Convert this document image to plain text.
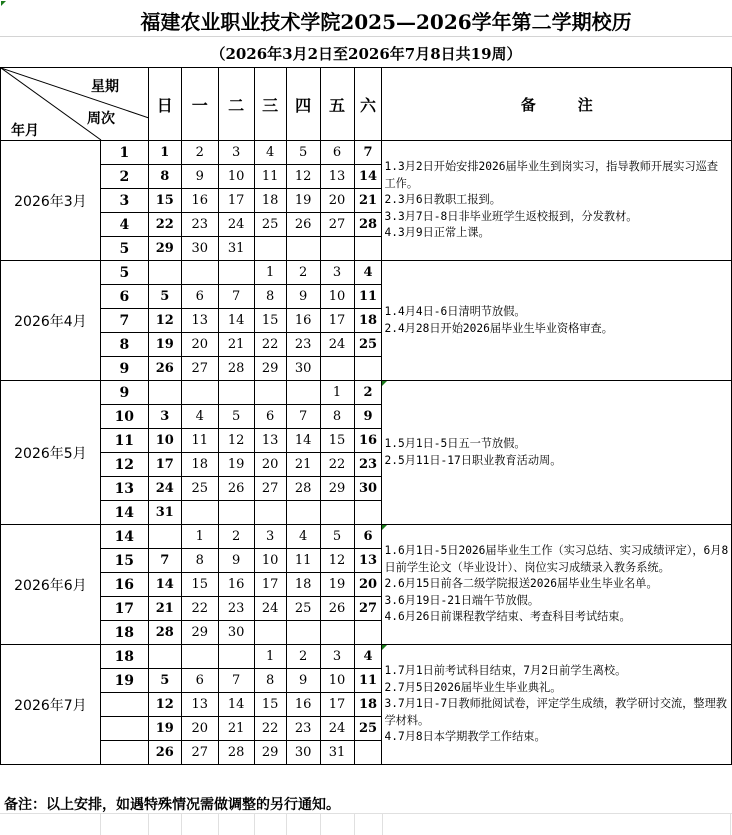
福建农业职业技术学院2025—2026学年第二学期校历
（2026年3月2日至2026年7月8日共19周）
星期
周次
年月		日	一	二	三	四	五	六	备注
2026年3月	1	1	2	3	4	5	6	7	1.3月2日开始安排2026届毕业生到岗实习，指导教师开展实习巡查工作。
2.3月6日教职工报到。
3.3月7日-8日非毕业班学生返校报到，分发教材。
4.3月9日正常上课。

	2	8	9	10	11	12	13	14	
	3	15	16	17	18	19	20	21	
	4	22	23	24	25	26	27	28	
	5	29	30	31					
2026年4月	5				1	2	3	4	1.4月4日-6日清明节放假。
2.4月28日开始2026届毕业生毕业资格审查。

	6	5	6	7	8	9	10	11	
	7	12	13	14	15	16	17	18	
	8	19	20	21	22	23	24	25	
	9	26	27	28	29	30			
2026年5月	9						1	2	1.5月1日-5日五一节放假。
2.5月11日-17日职业教育活动周。

	10	3	4	5	6	7	8	9	
	11	10	11	12	13	14	15	16	
	12	17	18	19	20	21	22	23	
	13	24	25	26	27	28	29	30	
	14	31							
2026年6月	14		1	2	3	4	5	6	1.6月1日-5日2026届毕业生工作（实习总结、实习成绩评定），6月8日前学生论文（毕业设计）、岗位实习成绩录入教务系统。
2.6月15日前各二级学院报送2026届毕业生毕业名单。
3.6月19日-21日端午节放假。
4.6月26日前课程教学结束、考查科目考试结束。

	15	7	8	9	10	11	12	13	
	16	14	15	16	17	18	19	20	
	17	21	22	23	24	25	26	27	
	18	28	29	30					
2026年7月	18				1	2	3	4	1.7月1日前考试科目结束，7月2日前学生离校。
2.7月5日2026届毕业生毕业典礼。
3.7月1日-7日教师批阅试卷，评定学生成绩，教学研讨交流，整理教学材料。
4.7月8日本学期教学工作结束。

	19	5	6	7	8	9	10	11	
		12	13	14	15	16	17	18	
		19	20	21	22	23	24	25	
		26	27	28	29	30	31		
备注：以上安排，如遇特殊情况需做调整的另行通知。
